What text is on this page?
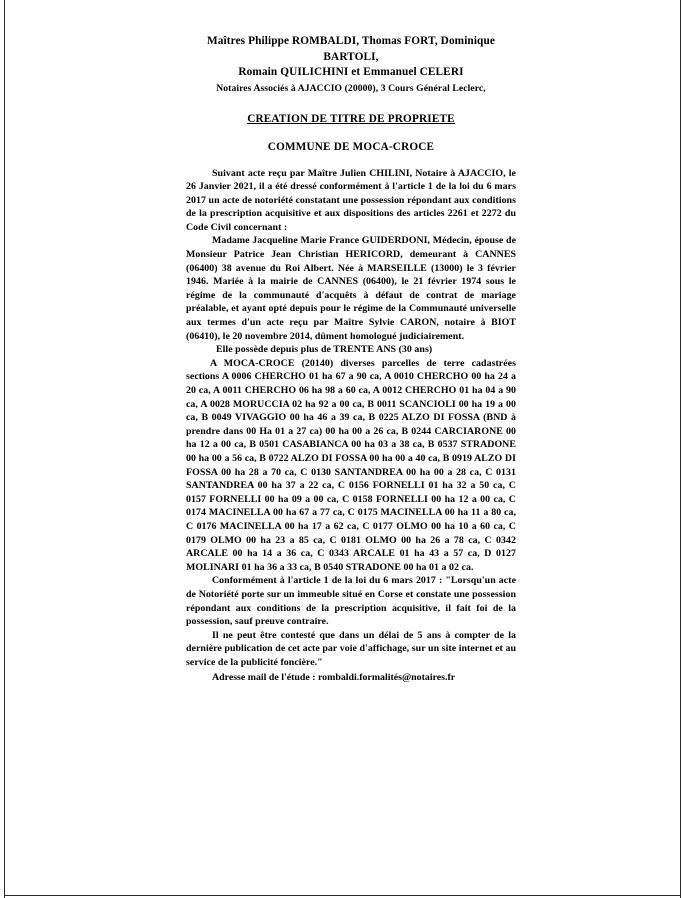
Maîtres Philippe ROMBALDI, Thomas FORT, Dominique BARTOLI,
Romain QUILICHINI et Emmanuel CELERI
Notaires Associés à AJACCIO (20000), 3 Cours Général Leclerc,
CREATION DE TITRE DE PROPRIETE
COMMUNE DE MOCA-CROCE

Suivant acte reçu par Maître Julien CHILINI, Notaire à AJACCIO, le 26 Janvier 2021, il a été dressé conformément à l'article 1 de la loi du 6 mars 2017 un acte de notoriété constatant une possession répondant aux conditions de la prescription acquisitive et aux dispositions des articles 2261 et 2272 du Code Civil concernant :

Madame Jacqueline Marie France GUIDERDONI, Médecin, épouse de Monsieur Patrice Jean Christian HERICORD, demeurant à CANNES (06400) 38 avenue du Roi Albert. Née à MARSEILLE (13000) le 3 février 1946. Mariée à la mairie de CANNES (06400), le 21 février 1974 sous le régime de la communauté d'acquêts à défaut de contrat de mariage préalable, et ayant opté depuis pour le régime de la Communauté universelle aux termes d'un acte reçu par Maître Sylvie CARON, notaire à BIOT (06410), le 20 novembre 2014, dûment homologué judiciairement.

Elle possède depuis plus de TRENTE ANS (30 ans)

A MOCA-CROCE (20140) diverses parcelles de terre cadastrées sections A 0006 CHERCHO 01 ha 67 a 90 ca, A 0010 CHERCHO 00 ha 24 a 20 ca, A 0011 CHERCHO 06 ha 98 a 60 ca, A 0012 CHERCHO 01 ha 04 a 90 ca, A 0028 MORUCCIA 02 ha 92 a 00 ca, B 0011 SCANCIOLI 00 ha 19 a 00 ca, B 0049 VIVAGGIO 00 ha 46 a 39 ca, B 0225 ALZO DI FOSSA (BND à prendre dans 00 Ha 01 a 27 ca) 00 ha 00 a 26 ca, B 0244 CARCIARONE 00 ha 12 a 00 ca, B 0501 CASABIANCA 00 ha 03 a 38 ca, B 0537 STRADONE 00 ha 00 a 56 ca, B 0722 ALZO DI FOSSA 00 ha 00 a 40 ca, B 0919 ALZO DI FOSSA 00 ha 28 a 70 ca, C 0130 SANTANDREA 00 ha 00 a 28 ca, C 0131 SANTANDREA 00 ha 37 a 22 ca, C 0156 FORNELLI 01 ha 32 a 50 ca, C 0157 FORNELLI 00 ha 09 a 00 ca, C 0158 FORNELLI 00 ha 12 a 00 ca, C 0174 MACINELLA 00 ha 67 a 77 ca, C 0175 MACINELLA 00 ha 11 a 80 ca, C 0176 MACINELLA 00 ha 17 a 62 ca, C 0177 OLMO 00 ha 10 a 60 ca, C 0179 OLMO 00 ha 23 a 85 ca, C 0181 OLMO 00 ha 26 a 78 ca, C 0342 ARCALE 00 ha 14 a 36 ca, C 0343 ARCALE 01 ha 43 a 57 ca, D 0127 MOLINARI 01 ha 36 a 33 ca, B 0540 STRADONE 00 ha 01 a 02 ca.

Conformément à l'article 1 de la loi du 6 mars 2017 : "Lorsqu'un acte de Notoriété porte sur un immeuble situé en Corse et constate une possession répondant aux conditions de la prescription acquisitive, il fait foi de la possession, sauf preuve contraire.

Il ne peut être contesté que dans un délai de 5 ans à compter de la dernière publication de cet acte par voie d'affichage, sur un site internet et au service de la publicité foncière."

Adresse mail de l'étude : rombaldi.formalités@notaires.fr
